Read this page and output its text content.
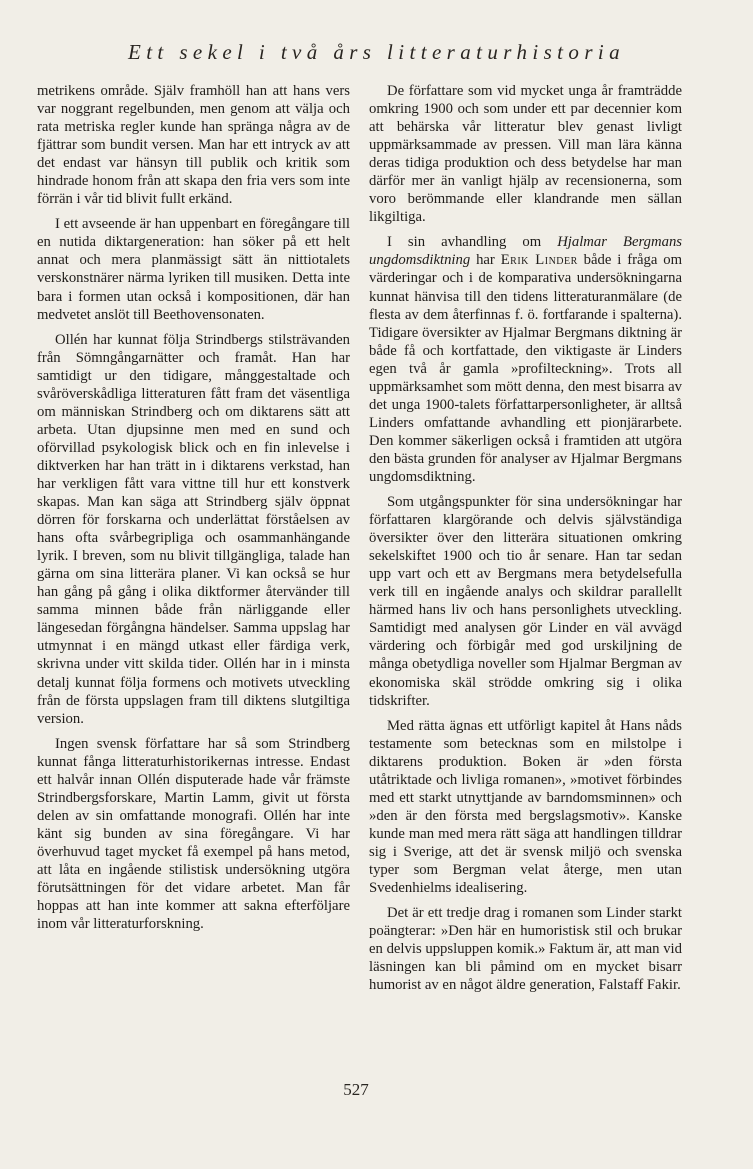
Ett sekel i två års litteraturhistoria

metrikens område. Själv framhöll han att hans vers var noggrant regelbunden, men genom att välja och rata metriska regler kunde han spränga några av de fjättrar som bundit versen. Man har ett intryck av att det endast var hänsyn till publik och kritik som hindrade honom från att skapa den fria vers som inte förrän i vår tid blivit fullt erkänd.

I ett avseende är han uppenbart en föregångare till en nutida diktargeneration: han söker på ett helt annat och mera planmässigt sätt än nittiotalets verskonstnärer närma lyriken till musiken. Detta inte bara i formen utan också i kompositionen, där han medvetet anslöt till Beethovensonaten.

Ollén har kunnat följa Strindbergs stilsträvanden från Sömngångarnätter och framåt. Han har samtidigt ur den tidigare, månggestaltade och svåröverskådliga litteraturen fått fram det väsentliga om människan Strindberg och om diktarens sätt att arbeta. Utan djupsinne men med en sund och oförvillad psykologisk blick och en fin inlevelse i diktverken har han trätt in i diktarens verkstad, han har verkligen fått vara vittne till hur ett konstverk skapas. Man kan säga att Strindberg själv öppnat dörren för forskarna och underlättat förståelsen av hans ofta svårbegripliga och osammanhängande lyrik. I breven, som nu blivit tillgängliga, talade han gärna om sina litterära planer. Vi kan också se hur han gång på gång i olika diktformer återvänder till samma minnen både från närliggande eller längesedan förgångna händelser. Samma uppslag har utmynnat i en mängd utkast eller färdiga verk, skrivna under vitt skilda tider. Ollén har in i minsta detalj kunnat följa formens och motivets utveckling från de första uppslagen fram till diktens slutgiltiga version.

Ingen svensk författare har så som Strindberg kunnat fånga litteraturhistorikernas intresse. Endast ett halvår innan Ollén disputerade hade vår främste Strindbergsforskare, Martin Lamm, givit ut första delen av sin omfattande monografi. Ollén har inte känt sig bunden av sina föregångare. Vi har överhuvud taget mycket få exempel på hans metod, att låta en ingående stilistisk undersökning utgöra förutsättningen för det vidare arbetet. Man får hoppas att han inte kommer att sakna efterföljare inom vår litteraturforskning.

De författare som vid mycket unga år framträdde omkring 1900 och som under ett par decennier kom att behärska vår litteratur blev genast livligt uppmärksammade av pressen. Vill man lära känna deras tidiga produktion och dess betydelse har man därför mer än vanligt hjälp av recensionerna, som voro berömmande eller klandrande men sällan likgiltiga.

I sin avhandling om Hjalmar Bergmans ungdomsdiktning har Erik Linder både i fråga om värderingar och i de komparativa undersökningarna kunnat hänvisa till den tidens litteraturanmälare (de flesta av dem återfinnas f. ö. fortfarande i spalterna). Tidigare översikter av Hjalmar Bergmans diktning är både få och kortfattade, den viktigaste är Linders egen två år gamla »profilteckning». Trots all uppmärksamhet som mött denna, den mest bisarra av det unga 1900-talets författarpersonligheter, är alltså Linders omfattande avhandling ett pionjärarbete. Den kommer säkerligen också i framtiden att utgöra den bästa grunden för analyser av Hjalmar Bergmans ungdomsdiktning.

Som utgångspunkter för sina undersökningar har författaren klargörande och delvis självständiga översikter över den litterära situationen omkring sekelskiftet 1900 och tio år senare. Han tar sedan upp vart och ett av Bergmans mera betydelsefulla verk till en ingående analys och skildrar parallellt härmed hans liv och hans personlighets utveckling. Samtidigt med analysen gör Linder en väl avvägd värdering och förbigår med god urskiljning de många obetydliga noveller som Hjalmar Bergman av ekonomiska skäl strödde omkring sig i olika tidskrifter.

Med rätta ägnas ett utförligt kapitel åt Hans nåds testamente som betecknas som en milstolpe i diktarens produktion. Boken är »den första utåtriktade och livliga romanen», »motivet förbindes med ett starkt utnyttjande av barndomsminnen» och »den är den första med bergslagsmotiv». Kanske kunde man med mera rätt säga att handlingen tilldrar sig i Sverige, att det är svensk miljö och svenska typer som Bergman velat återge, men utan Svedenhielms idealisering.

Det är ett tredje drag i romanen som Linder starkt poängterar: »Den här en humoristisk stil och brukar en delvis uppsluppen komik.» Faktum är, att man vid läsningen kan bli påmind om en mycket bisarr humorist av en något äldre generation, Falstaff Fakir.

527
